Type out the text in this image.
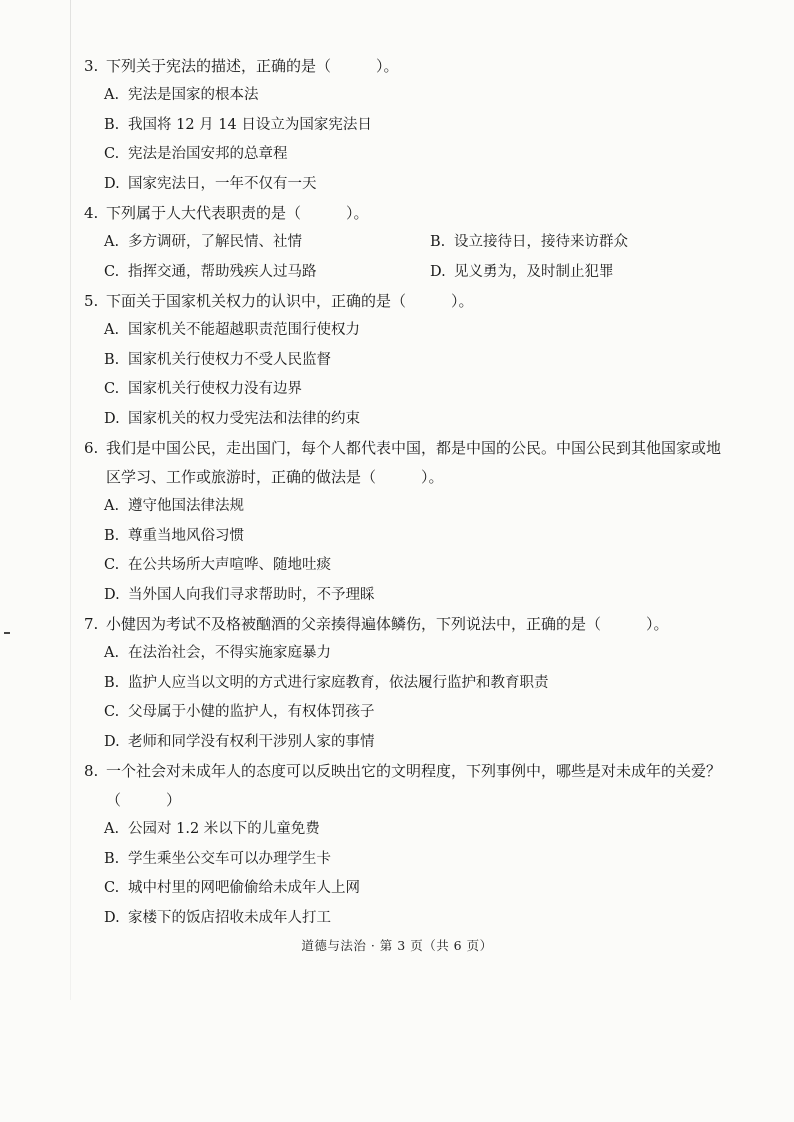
3. 下列关于宪法的描述，正确的是（　　　）。
A. 宪法是国家的根本法
B. 我国将 12 月 14 日设立为国家宪法日
C. 宪法是治国安邦的总章程
D. 国家宪法日，一年不仅有一天
4. 下列属于人大代表职责的是（　　　）。
A. 多方调研，了解民情、社情	B. 设立接待日，接待来访群众
C. 指挥交通，帮助残疾人过马路	D. 见义勇为，及时制止犯罪
5. 下面关于国家机关权力的认识中，正确的是（　　　）。
A. 国家机关不能超越职责范围行使权力
B. 国家机关行使权力不受人民监督
C. 国家机关行使权力没有边界
D. 国家机关的权力受宪法和法律的约束
6. 我们是中国公民，走出国门，每个人都代表中国，都是中国的公民。中国公民到其他国家或地区学习、工作或旅游时，正确的做法是（　　　）。
A. 遵守他国法律法规
B. 尊重当地风俗习惯
C. 在公共场所大声喧哗、随地吐痰
D. 当外国人向我们寻求帮助时，不予理睬
7. 小健因为考试不及格被酗酒的父亲揍得遍体鳞伤，下列说法中，正确的是（　　　）。
A. 在法治社会，不得实施家庭暴力
B. 监护人应当以文明的方式进行家庭教育，依法履行监护和教育职责
C. 父母属于小健的监护人，有权体罚孩子
D. 老师和同学没有权利干涉别人家的事情
8. 一个社会对未成年人的态度可以反映出它的文明程度，下列事例中，哪些是对未成年的关爱？（　　　）
A. 公园对 1.2 米以下的儿童免费
B. 学生乘坐公交车可以办理学生卡
C. 城中村里的网吧偷偷给未成年人上网
D. 家楼下的饭店招收未成年人打工
道德与法治 · 第 3 页（共 6 页）
